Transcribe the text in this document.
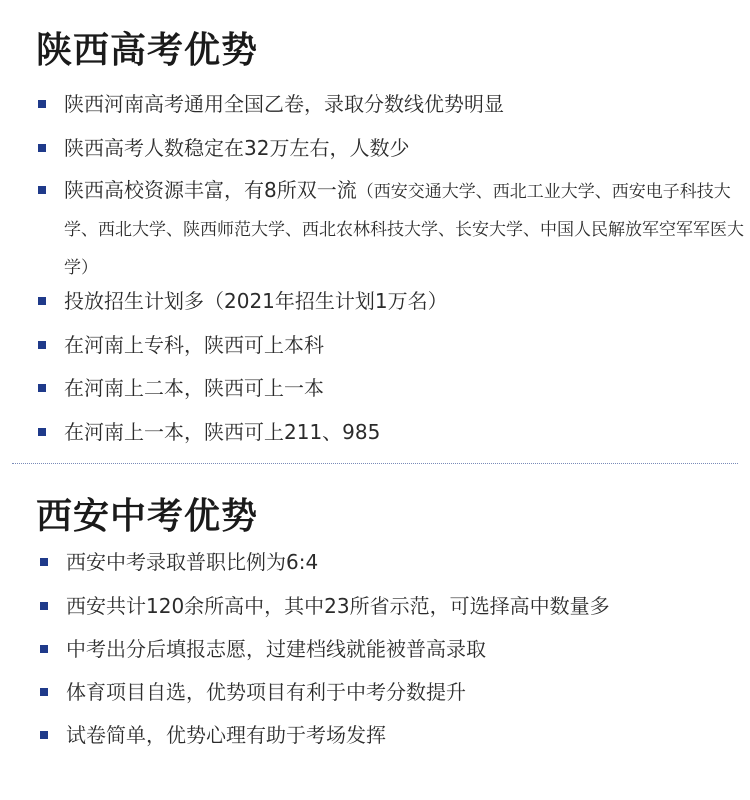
陕西高考优势
陕西河南高考通用全国乙卷，录取分数线优势明显
陕西高考人数稳定在32万左右，人数少
陕西高校资源丰富，有8所双一流（西安交通大学、西北工业大学、西安电子科技大学、西北大学、陕西师范大学、西北农林科技大学、长安大学、中国人民解放军空军军医大学）
投放招生计划多（2021年招生计划1万名）
在河南上专科，陕西可上本科
在河南上二本，陕西可上一本
在河南上一本，陕西可上211、985
西安中考优势
西安中考录取普职比例为6:4
西安共计120余所高中，其中23所省示范，可选择高中数量多
中考出分后填报志愿，过建档线就能被普高录取
体育项目自选，优势项目有利于中考分数提升
试卷简单，优势心理有助于考场发挥
